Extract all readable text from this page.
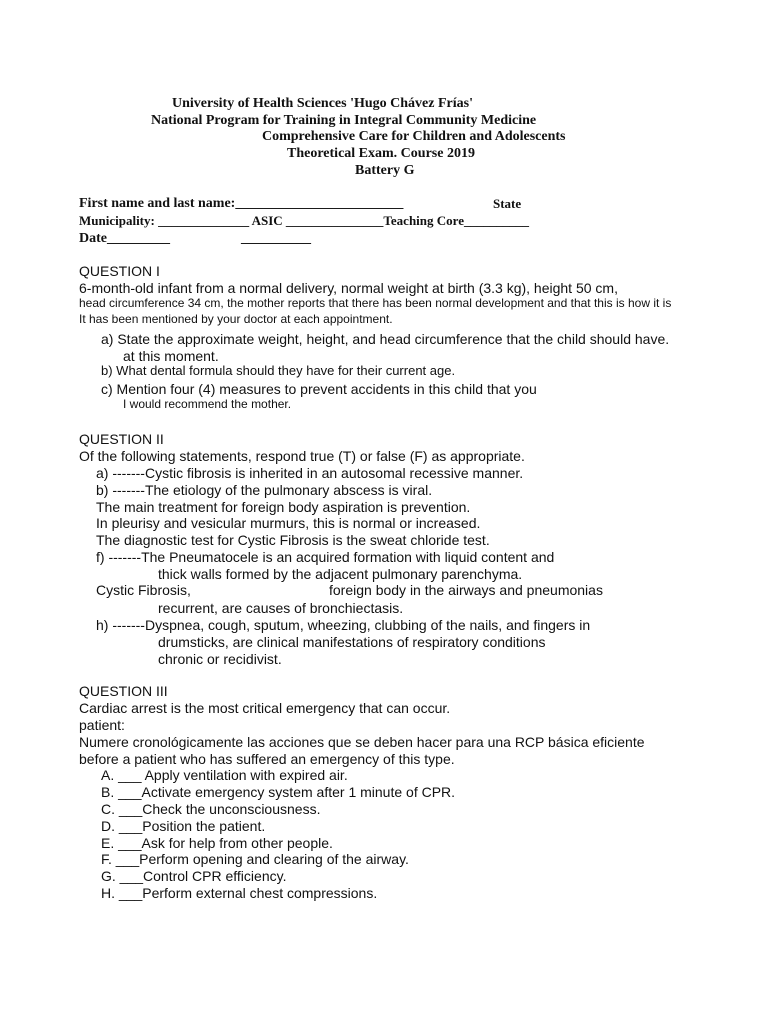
University of Health Sciences 'Hugo Chávez Frías'
National Program for Training in Integral Community Medicine
Comprehensive Care for Children and Adolescents
Theoretical Exam. Course 2019
Battery G
First name and last name:________________________	State
Municipality: ______________ ASIC _______________Teaching Core__________
Date_________	__________
QUESTION I
6-month-old infant from a normal delivery, normal weight at birth (3.3 kg), height 50 cm,
head circumference 34 cm, the mother reports that there has been normal development and that this is how it is
It has been mentioned by your doctor at each appointment.
a) State the approximate weight, height, and head circumference that the child should have.
at this moment.
b) What dental formula should they have for their current age.
c) Mention four (4) measures to prevent accidents in this child that you
I would recommend the mother.
QUESTION II
Of the following statements, respond true (T) or false (F) as appropriate.
a) -------Cystic fibrosis is inherited in an autosomal recessive manner.
b) -------The etiology of the pulmonary abscess is viral.
The main treatment for foreign body aspiration is prevention.
In pleurisy and vesicular murmurs, this is normal or increased.
The diagnostic test for Cystic Fibrosis is the sweat chloride test.
f) -------The Pneumatocele is an acquired formation with liquid content and
thick walls formed by the adjacent pulmonary parenchyma.
Cystic Fibrosis,	foreign body in the airways and pneumonias
recurrent, are causes of bronchiectasis.
h) -------Dyspnea, cough, sputum, wheezing, clubbing of the nails, and fingers in
drumsticks, are clinical manifestations of respiratory conditions
chronic or recidivist.
QUESTION III
Cardiac arrest is the most critical emergency that can occur.
patient:
Numere cronológicamente las acciones que se deben hacer para una RCP básica eficiente
before a patient who has suffered an emergency of this type.
A. ___ Apply ventilation with expired air.
B. ___Activate emergency system after 1 minute of CPR.
C. ___Check the unconsciousness.
D. ___Position the patient.
E. ___Ask for help from other people.
F. ___Perform opening and clearing of the airway.
G. ___Control CPR efficiency.
H. ___Perform external chest compressions.
